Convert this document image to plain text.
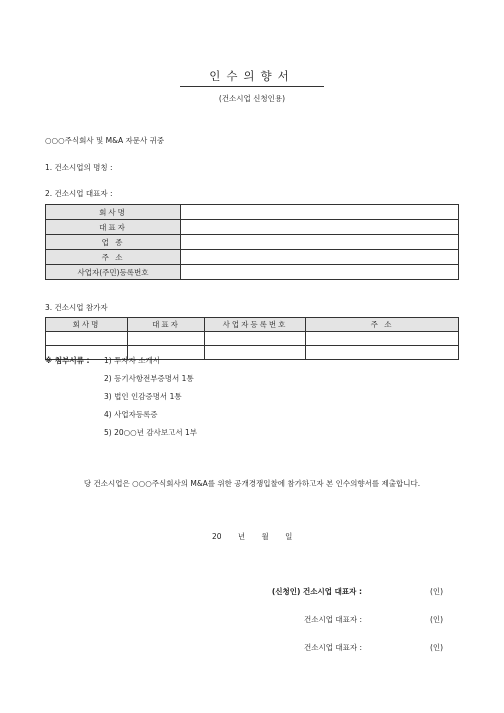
인수의향서
(건소시업 신청인용)
○○○주식회사 및 M&A 자문사 귀중
1. 건소시업의 명칭 :
2. 건소시업 대표자 :
회사명	
대표자	
업 종	
주 소	
사업자(주민)등록번호	
3. 건소시업 참가자
회사명	대표자	사업자등록번호	주 소

※ 첨부서류 : 1) 투자자 소개서
2) 등기사항전부증명서 1통
3) 법인 인감증명서 1통
4) 사업자등록증
5) 20○○년 감사보고서 1부
당 건소시업은 ○○○주식회사의 M&A를 위한 공개경쟁입찰에 참가하고자 본 인수의향서를 제출합니다.
20 년 월 일
(신청인) 건소시업 대표자 :	(인)
건소시업 대표자 :	(인)
건소시업 대표자 :	(인)
